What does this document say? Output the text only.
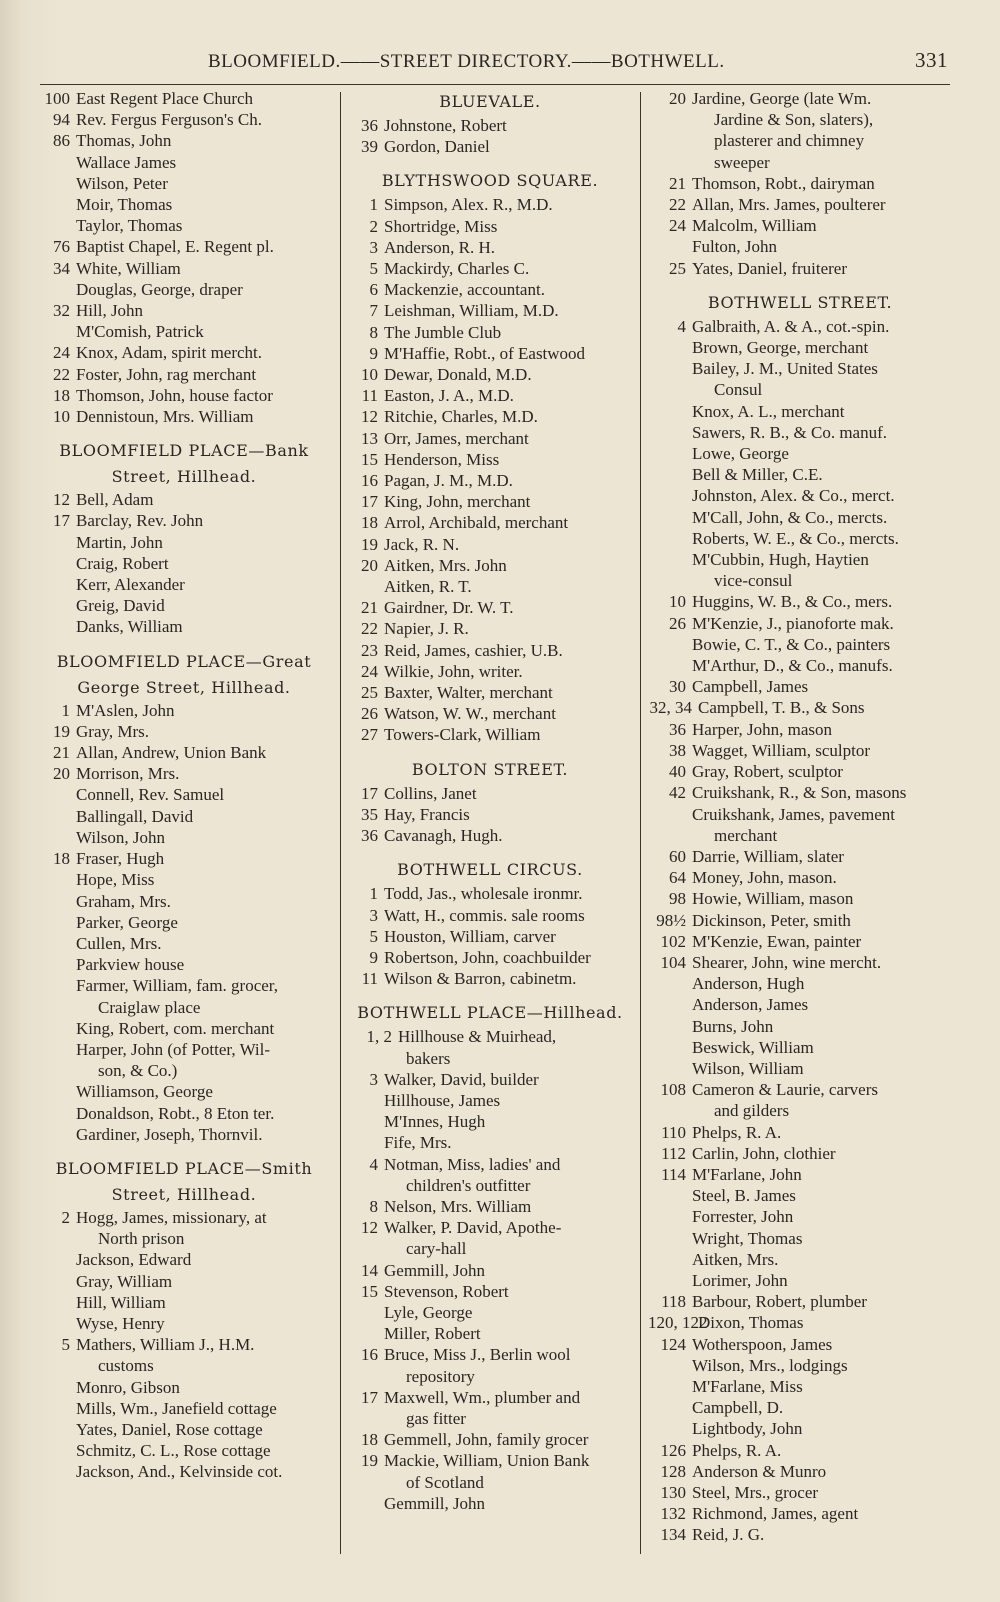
BLOOMFIELD.——STREET DIRECTORY.——BOTHWELL.	331
100 East Regent Place Church
94 Rev. Fergus Ferguson's Ch.
86 Thomas, John
Wallace James
Wilson, Peter
Moir, Thomas
Taylor, Thomas
76 Baptist Chapel, E. Regent pl.
34 White, William
Douglas, George, draper
32 Hill, John
M'Comish, Patrick
24 Knox, Adam, spirit mercht.
22 Foster, John, rag merchant
18 Thomson, John, house factor
10 Dennistoun, Mrs. William
BLOOMFIELD PLACE—Bank
Street, Hillhead.
12 Bell, Adam
17 Barclay, Rev. John
Martin, John
Craig, Robert
Kerr, Alexander
Greig, David
Danks, William
BLOOMFIELD PLACE—Great
George Street, Hillhead.
1 M'Aslen, John
19 Gray, Mrs.
21 Allan, Andrew, Union Bank
20 Morrison, Mrs.
Connell, Rev. Samuel
Ballingall, David
Wilson, John
18 Fraser, Hugh
Hope, Miss
Graham, Mrs.
Parker, George
Cullen, Mrs.
Parkview house
Farmer, William, fam. grocer,
Craiglaw place
King, Robert, com. merchant
Harper, John (of Potter, Wil-
son, & Co.)
Williamson, George
Donaldson, Robt., 8 Eton ter.
Gardiner, Joseph, Thornvil.
BLOOMFIELD PLACE—Smith
Street, Hillhead.
2 Hogg, James, missionary, at
North prison
Jackson, Edward
Gray, William
Hill, William
Wyse, Henry
5 Mathers, William J., H.M.
customs
Monro, Gibson
Mills, Wm., Janefield cottage
Yates, Daniel, Rose cottage
Schmitz, C. L., Rose cottage
Jackson, And., Kelvinside cot.
BLUEVALE.
36 Johnstone, Robert
39 Gordon, Daniel
BLYTHSWOOD SQUARE.
1 Simpson, Alex. R., M.D.
2 Shortridge, Miss
3 Anderson, R. H.
5 Mackirdy, Charles C.
6 Mackenzie, accountant.
7 Leishman, William, M.D.
8 The Jumble Club
9 M'Haffie, Robt., of Eastwood
10 Dewar, Donald, M.D.
11 Easton, J. A., M.D.
12 Ritchie, Charles, M.D.
13 Orr, James, merchant
15 Henderson, Miss
16 Pagan, J. M., M.D.
17 King, John, merchant
18 Arrol, Archibald, merchant
19 Jack, R. N.
20 Aitken, Mrs. John
Aitken, R. T.
21 Gairdner, Dr. W. T.
22 Napier, J. R.
23 Reid, James, cashier, U.B.
24 Wilkie, John, writer.
25 Baxter, Walter, merchant
26 Watson, W. W., merchant
27 Towers-Clark, William
BOLTON STREET.
17 Collins, Janet
35 Hay, Francis
36 Cavanagh, Hugh.
BOTHWELL CIRCUS.
1 Todd, Jas., wholesale ironmr.
3 Watt, H., commis. sale rooms
5 Houston, William, carver
9 Robertson, John, coachbuilder
11 Wilson & Barron, cabinetm.
BOTHWELL PLACE—Hillhead.
1, 2 Hillhouse & Muirhead,
bakers
3 Walker, David, builder
Hillhouse, James
M'Innes, Hugh
Fife, Mrs.
4 Notman, Miss, ladies' and
children's outfitter
8 Nelson, Mrs. William
12 Walker, P. David, Apothe-
cary-hall
14 Gemmill, John
15 Stevenson, Robert
Lyle, George
Miller, Robert
16 Bruce, Miss J., Berlin wool
repository
17 Maxwell, Wm., plumber and
gas fitter
18 Gemmell, John, family grocer
19 Mackie, William, Union Bank
of Scotland
Gemmill, John
20 Jardine, George (late Wm.
Jardine & Son, slaters),
plasterer and chimney
sweeper
21 Thomson, Robt., dairyman
22 Allan, Mrs. James, poulterer
24 Malcolm, William
Fulton, John
25 Yates, Daniel, fruiterer
BOTHWELL STREET.
4 Galbraith, A. & A., cot.-spin.
Brown, George, merchant
Bailey, J. M., United States
Consul
Knox, A. L., merchant
Sawers, R. B., & Co. manuf.
Lowe, George
Bell & Miller, C.E.
Johnston, Alex. & Co., merct.
M'Call, John, & Co., mercts.
Roberts, W. E., & Co., mercts.
M'Cubbin, Hugh, Haytien
vice-consul
10 Huggins, W. B., & Co., mers.
26 M'Kenzie, J., pianoforte mak.
Bowie, C. T., & Co., painters
M'Arthur, D., & Co., manufs.
30 Campbell, James
32, 34 Campbell, T. B., & Sons
36 Harper, John, mason
38 Wagget, William, sculptor
40 Gray, Robert, sculptor
42 Cruikshank, R., & Son, masons
Cruikshank, James, pavement
merchant
60 Darrie, William, slater
64 Money, John, mason.
98 Howie, William, mason
98½ Dickinson, Peter, smith
102 M'Kenzie, Ewan, painter
104 Shearer, John, wine mercht.
Anderson, Hugh
Anderson, James
Burns, John
Beswick, William
Wilson, William
108 Cameron & Laurie, carvers
and gilders
110 Phelps, R. A.
112 Carlin, John, clothier
114 M'Farlane, John
Steel, B. James
Forrester, John
Wright, Thomas
Aitken, Mrs.
Lorimer, John
118 Barbour, Robert, plumber
120, 122
Dixon, Thomas
124 Wotherspoon, James
Wilson, Mrs., lodgings
M'Farlane, Miss
Campbell, D.
Lightbody, John
126 Phelps, R. A.
128 Anderson & Munro
130 Steel, Mrs., grocer
132 Richmond, James, agent
134 Reid, J. G.
